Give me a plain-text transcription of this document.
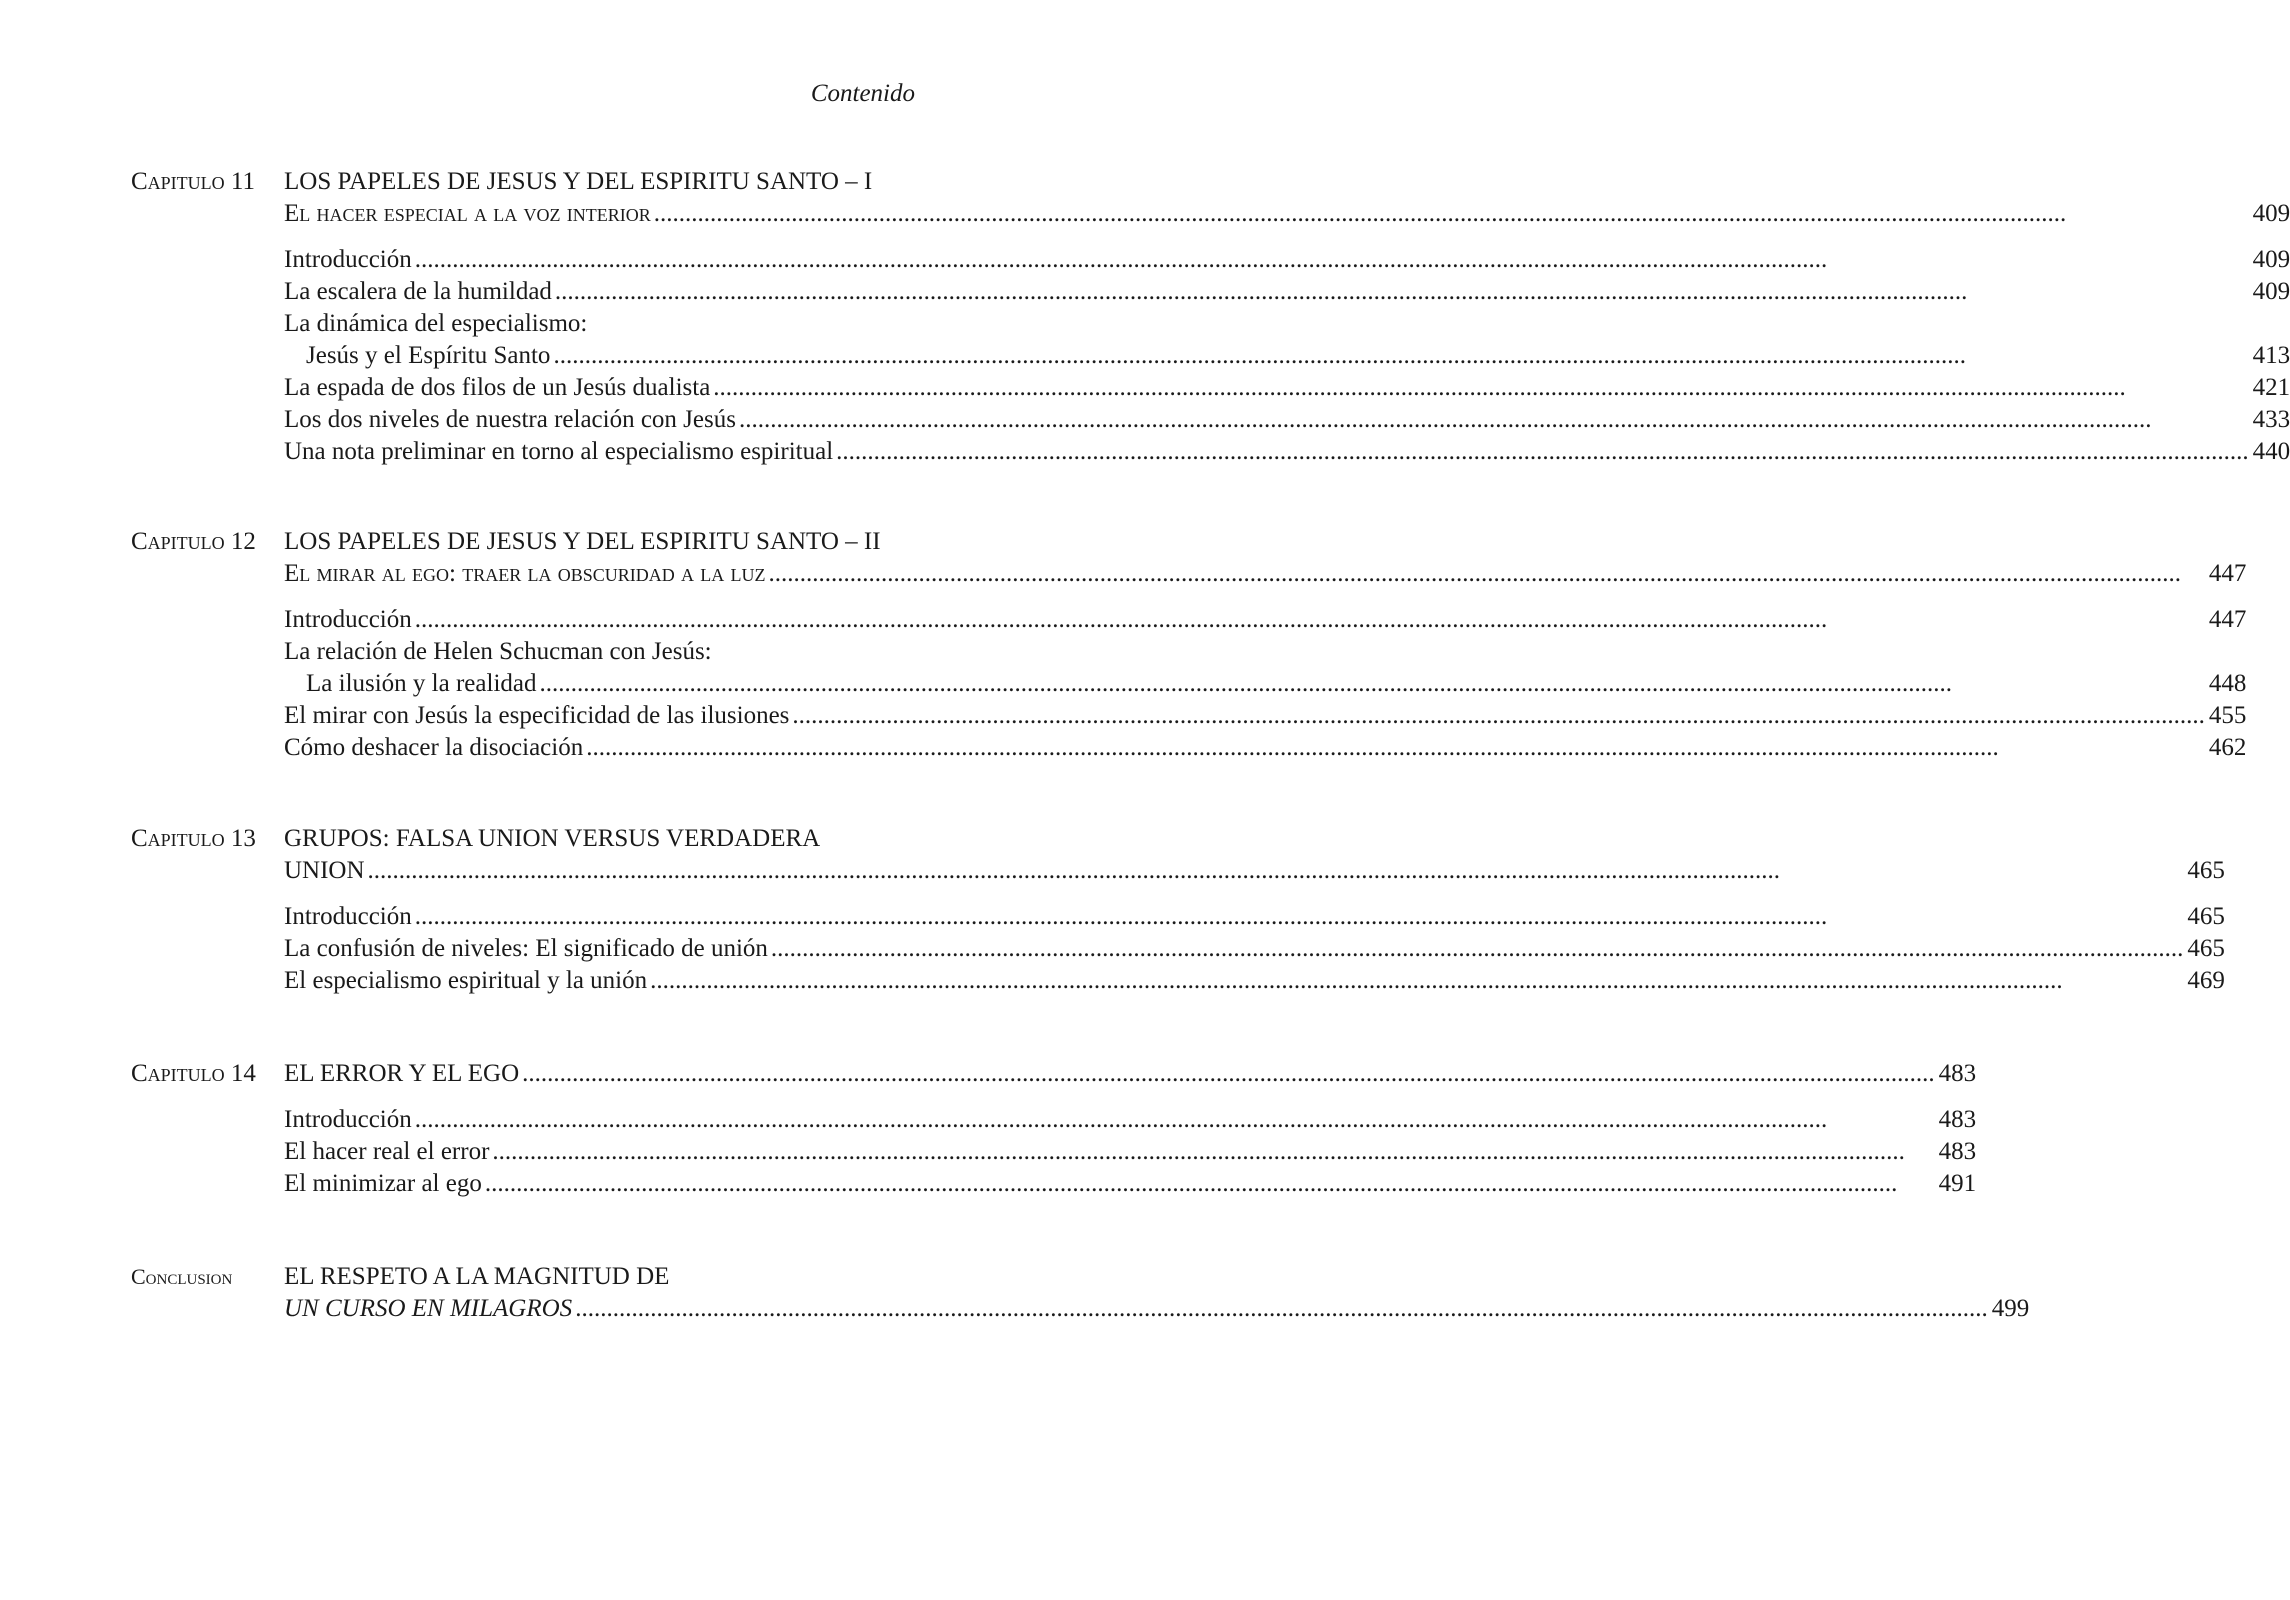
Contenido
Capitulo 11	LOS PAPELES DE JESUS Y DEL ESPIRITU SANTO – I
El hacer especial a la voz interior .....	409
Introducción .....	409
La escalera de la humildad .....	409
La dinámica del especialismo:
Jesús y el Espíritu Santo .....	413
La espada de dos filos de un Jesús dualista .....	421
Los dos niveles de nuestra relación con Jesús .....	433
Una nota preliminar en torno al especialismo espiritual .....	440
Capitulo 12	LOS PAPELES DE JESUS Y DEL ESPIRITU SANTO – II
El mirar al ego: traer la obscuridad a la luz .....	447
Introducción .....	447
La relación de Helen Schucman con Jesús:
La ilusión y la realidad .....	448
El mirar con Jesús la especificidad de las ilusiones .....	455
Cómo deshacer la disociación .....	462
Capitulo 13	GRUPOS: FALSA UNION VERSUS VERDADERA
UNION .....	465
Introducción .....	465
La confusión de niveles: El significado de unión .....	465
El especialismo espiritual y la unión .....	469
Capitulo 14	EL ERROR Y EL EGO .....	483
Introducción .....	483
El hacer real el error .....	483
El minimizar al ego .....	491
Conclusion	EL RESPETO A LA MAGNITUD DE
UN CURSO EN MILAGROS .....	499
